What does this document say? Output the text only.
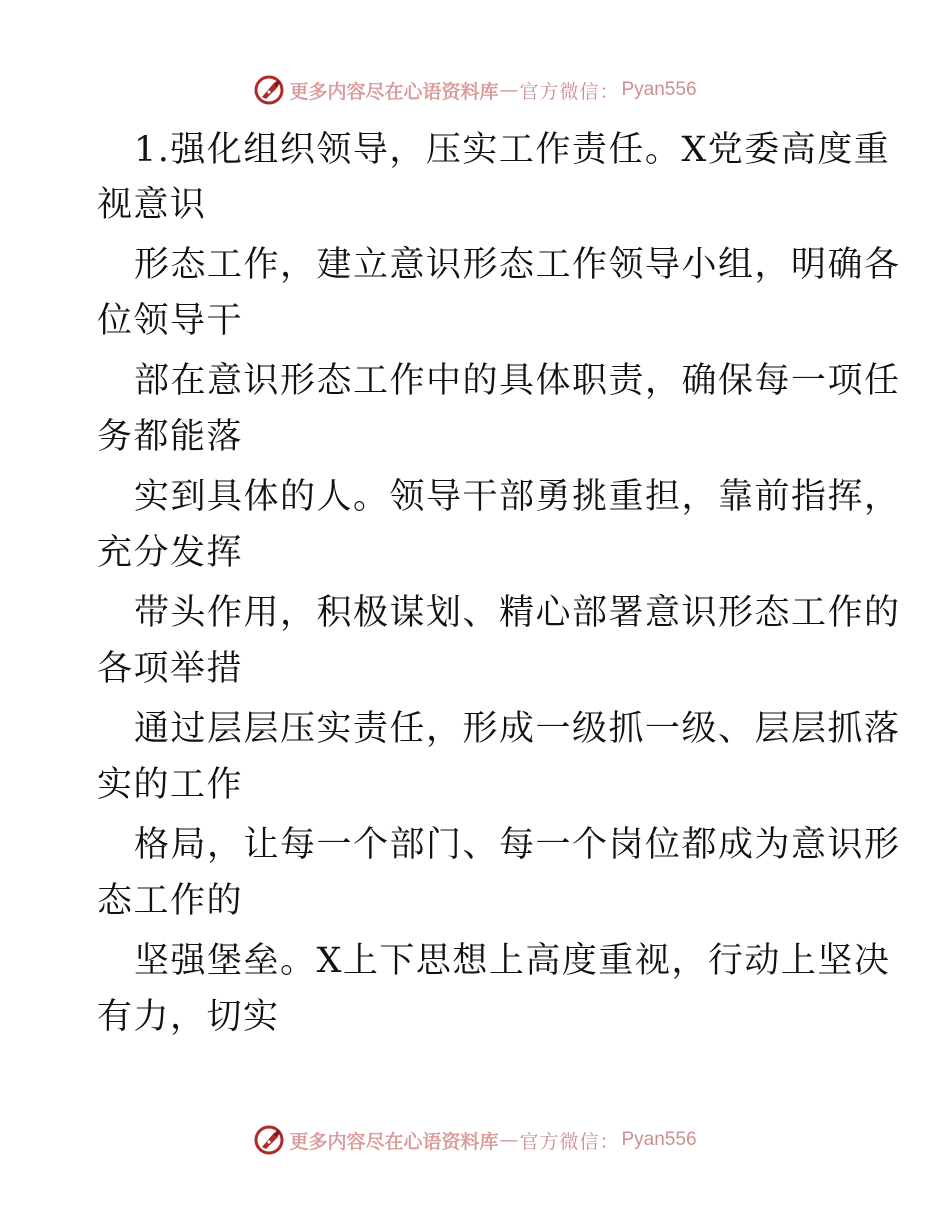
更多内容尽在心语资料库 — 官方微信： Pyan556
1.强化组织领导，压实工作责任。X党委高度重
视意识
形态工作，建立意识形态工作领导小组，明确各
位领导干
部在意识形态工作中的具体职责，确保每一项任
务都能落
实到具体的人。领导干部勇挑重担，靠前指挥，
充分发挥
带头作用，积极谋划、精心部署意识形态工作的
各项举措
通过层层压实责任，形成一级抓一级、层层抓落
实的工作
格局，让每一个部门、每一个岗位都成为意识形
态工作的
坚强堡垒。X上下思想上高度重视，行动上坚决
有力，切实
更多内容尽在心语资料库 — 官方微信： Pyan556
